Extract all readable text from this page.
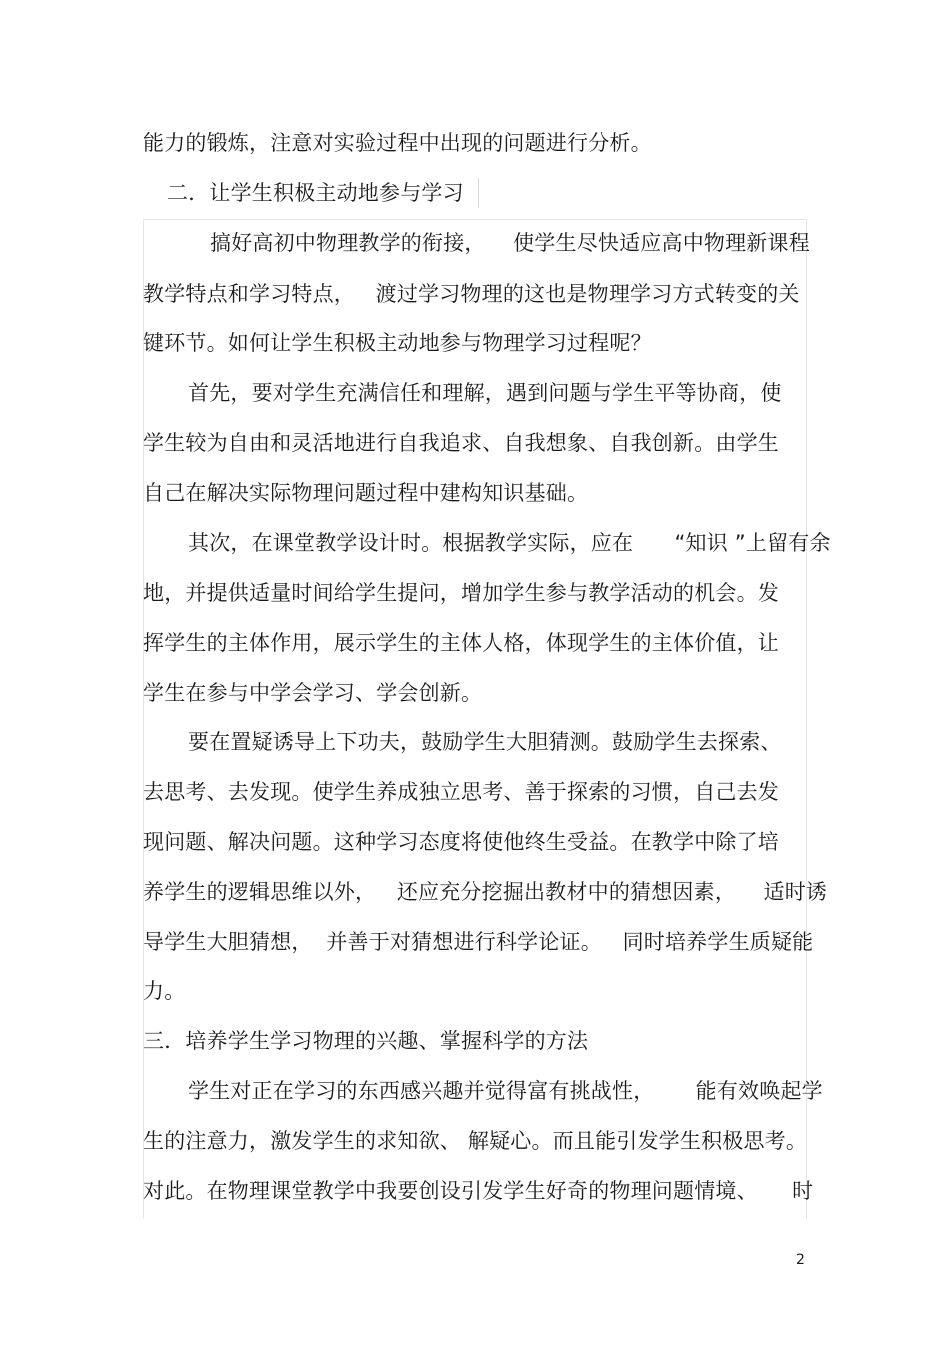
能力的锻炼，注意对实验过程中出现的问题进行分析。
二．让学生积极主动地参与学习
搞好高初中物理教学的衔接，    使学生尽快适应高中物理新课程
教学特点和学习特点，   渡过学习物理的这也是物理学习方式转变的关
键环节。如何让学生积极主动地参与物理学习过程呢？
首先，要对学生充满信任和理解，遇到问题与学生平等协商，使
学生较为自由和灵活地进行自我追求、自我想象、自我创新。由学生
自己在解决实际物理问题过程中建构知识基础。
其次，在课堂教学设计时。根据教学实际，应在      “知识 ”上留有余
地，并提供适量时间给学生提问，增加学生参与教学活动的机会。发
挥学生的主体作用，展示学生的主体人格，体现学生的主体价值，让
学生在参与中学会学习、学会创新。
要在置疑诱导上下功夫，鼓励学生大胆猜测。鼓励学生去探索、
去思考、去发现。使学生养成独立思考、善于探索的习惯，自己去发
现问题、解决问题。这种学习态度将使他终生受益。在教学中除了培
养学生的逻辑思维以外，   还应充分挖掘出教材中的猜想因素，    适时诱
导学生大胆猜想，  并善于对猜想进行科学论证。   同时培养学生质疑能
力。
三．培养学生学习物理的兴趣、掌握科学的方法
学生对正在学习的东西感兴趣并觉得富有挑战性，      能有效唤起学
生的注意力，激发学生的求知欲、 解疑心。而且能引发学生积极思考。
对此。在物理课堂教学中我要创设引发学生好奇的物理问题情境、     时
2
